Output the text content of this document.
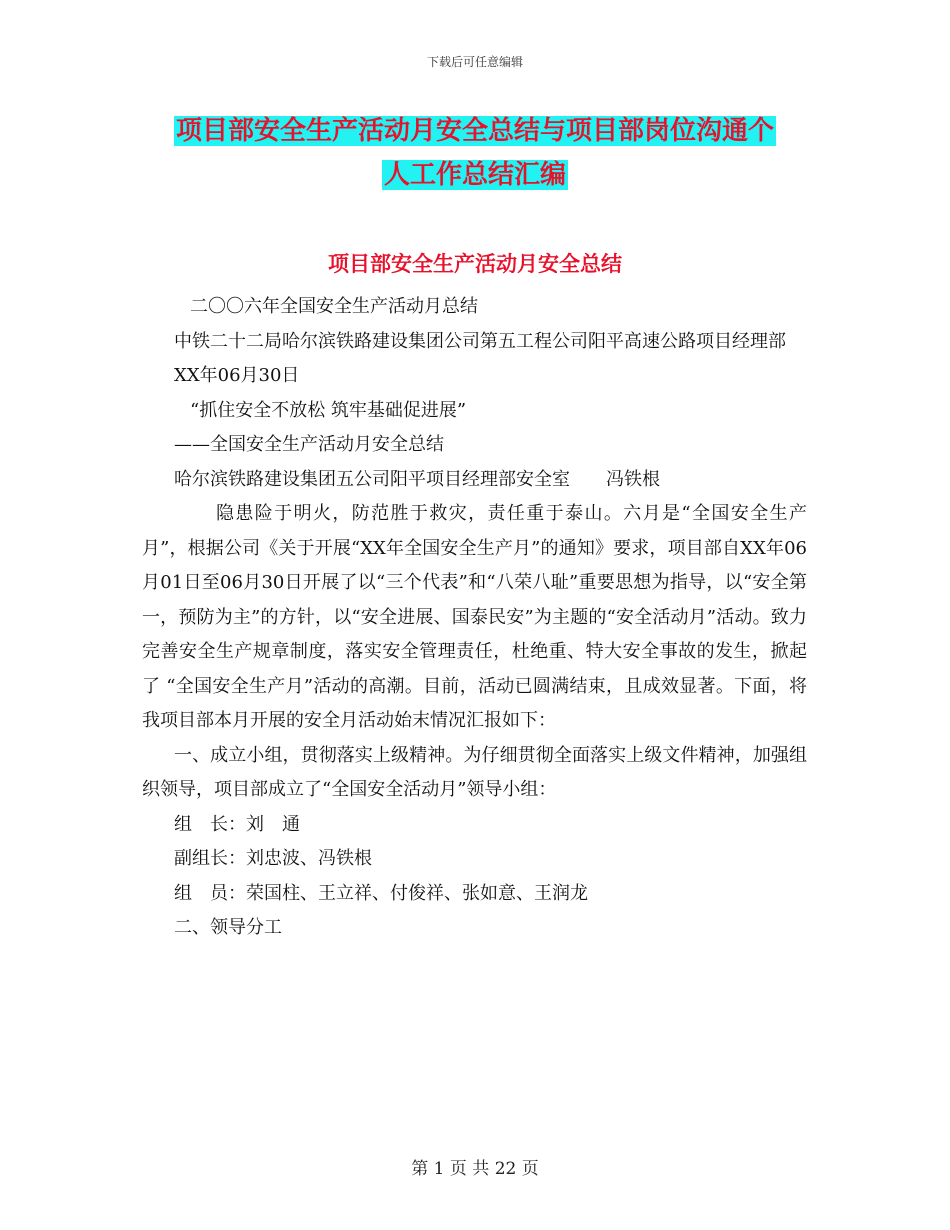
下载后可任意编辑
项目部安全生产活动月安全总结与项目部岗位沟通个
人工作总结汇编
项目部安全生产活动月安全总结

二〇〇六年全国安全生产活动月总结

中铁二十二局哈尔滨铁路建设集团公司第五工程公司阳平高速公路项目经理部

XX年06月30日

“抓住安全不放松 筑牢基础促进展”

——全国安全生产活动月安全总结

哈尔滨铁路建设集团五公司阳平项目经理部安全室　　冯铁根

隐患险于明火，防范胜于救灾，责任重于泰山。六月是“全国安全生产月”，根据公司《关于开展“XX年全国安全生产月”的通知》要求，项目部自XX年06月01日至06月30日开展了以“三个代表”和“八荣八耻”重要思想为指导，以“安全第一，预防为主”的方针，以“安全进展、国泰民安”为主题的“安全活动月”活动。致力完善安全生产规章制度，落实安全管理责任，杜绝重、特大安全事故的发生，掀起了 “全国安全生产月”活动的高潮。目前，活动已圆满结束，且成效显著。下面，将我项目部本月开展的安全月活动始末情况汇报如下：

一、成立小组，贯彻落实上级精神。为仔细贯彻全面落实上级文件精神，加强组织领导，项目部成立了“全国安全活动月”领导小组：

组　长：刘　通

副组长：刘忠波、冯铁根

组　员：荣国柱、王立祥、付俊祥、张如意、王润龙

二、领导分工

第 1 页 共 22 页
